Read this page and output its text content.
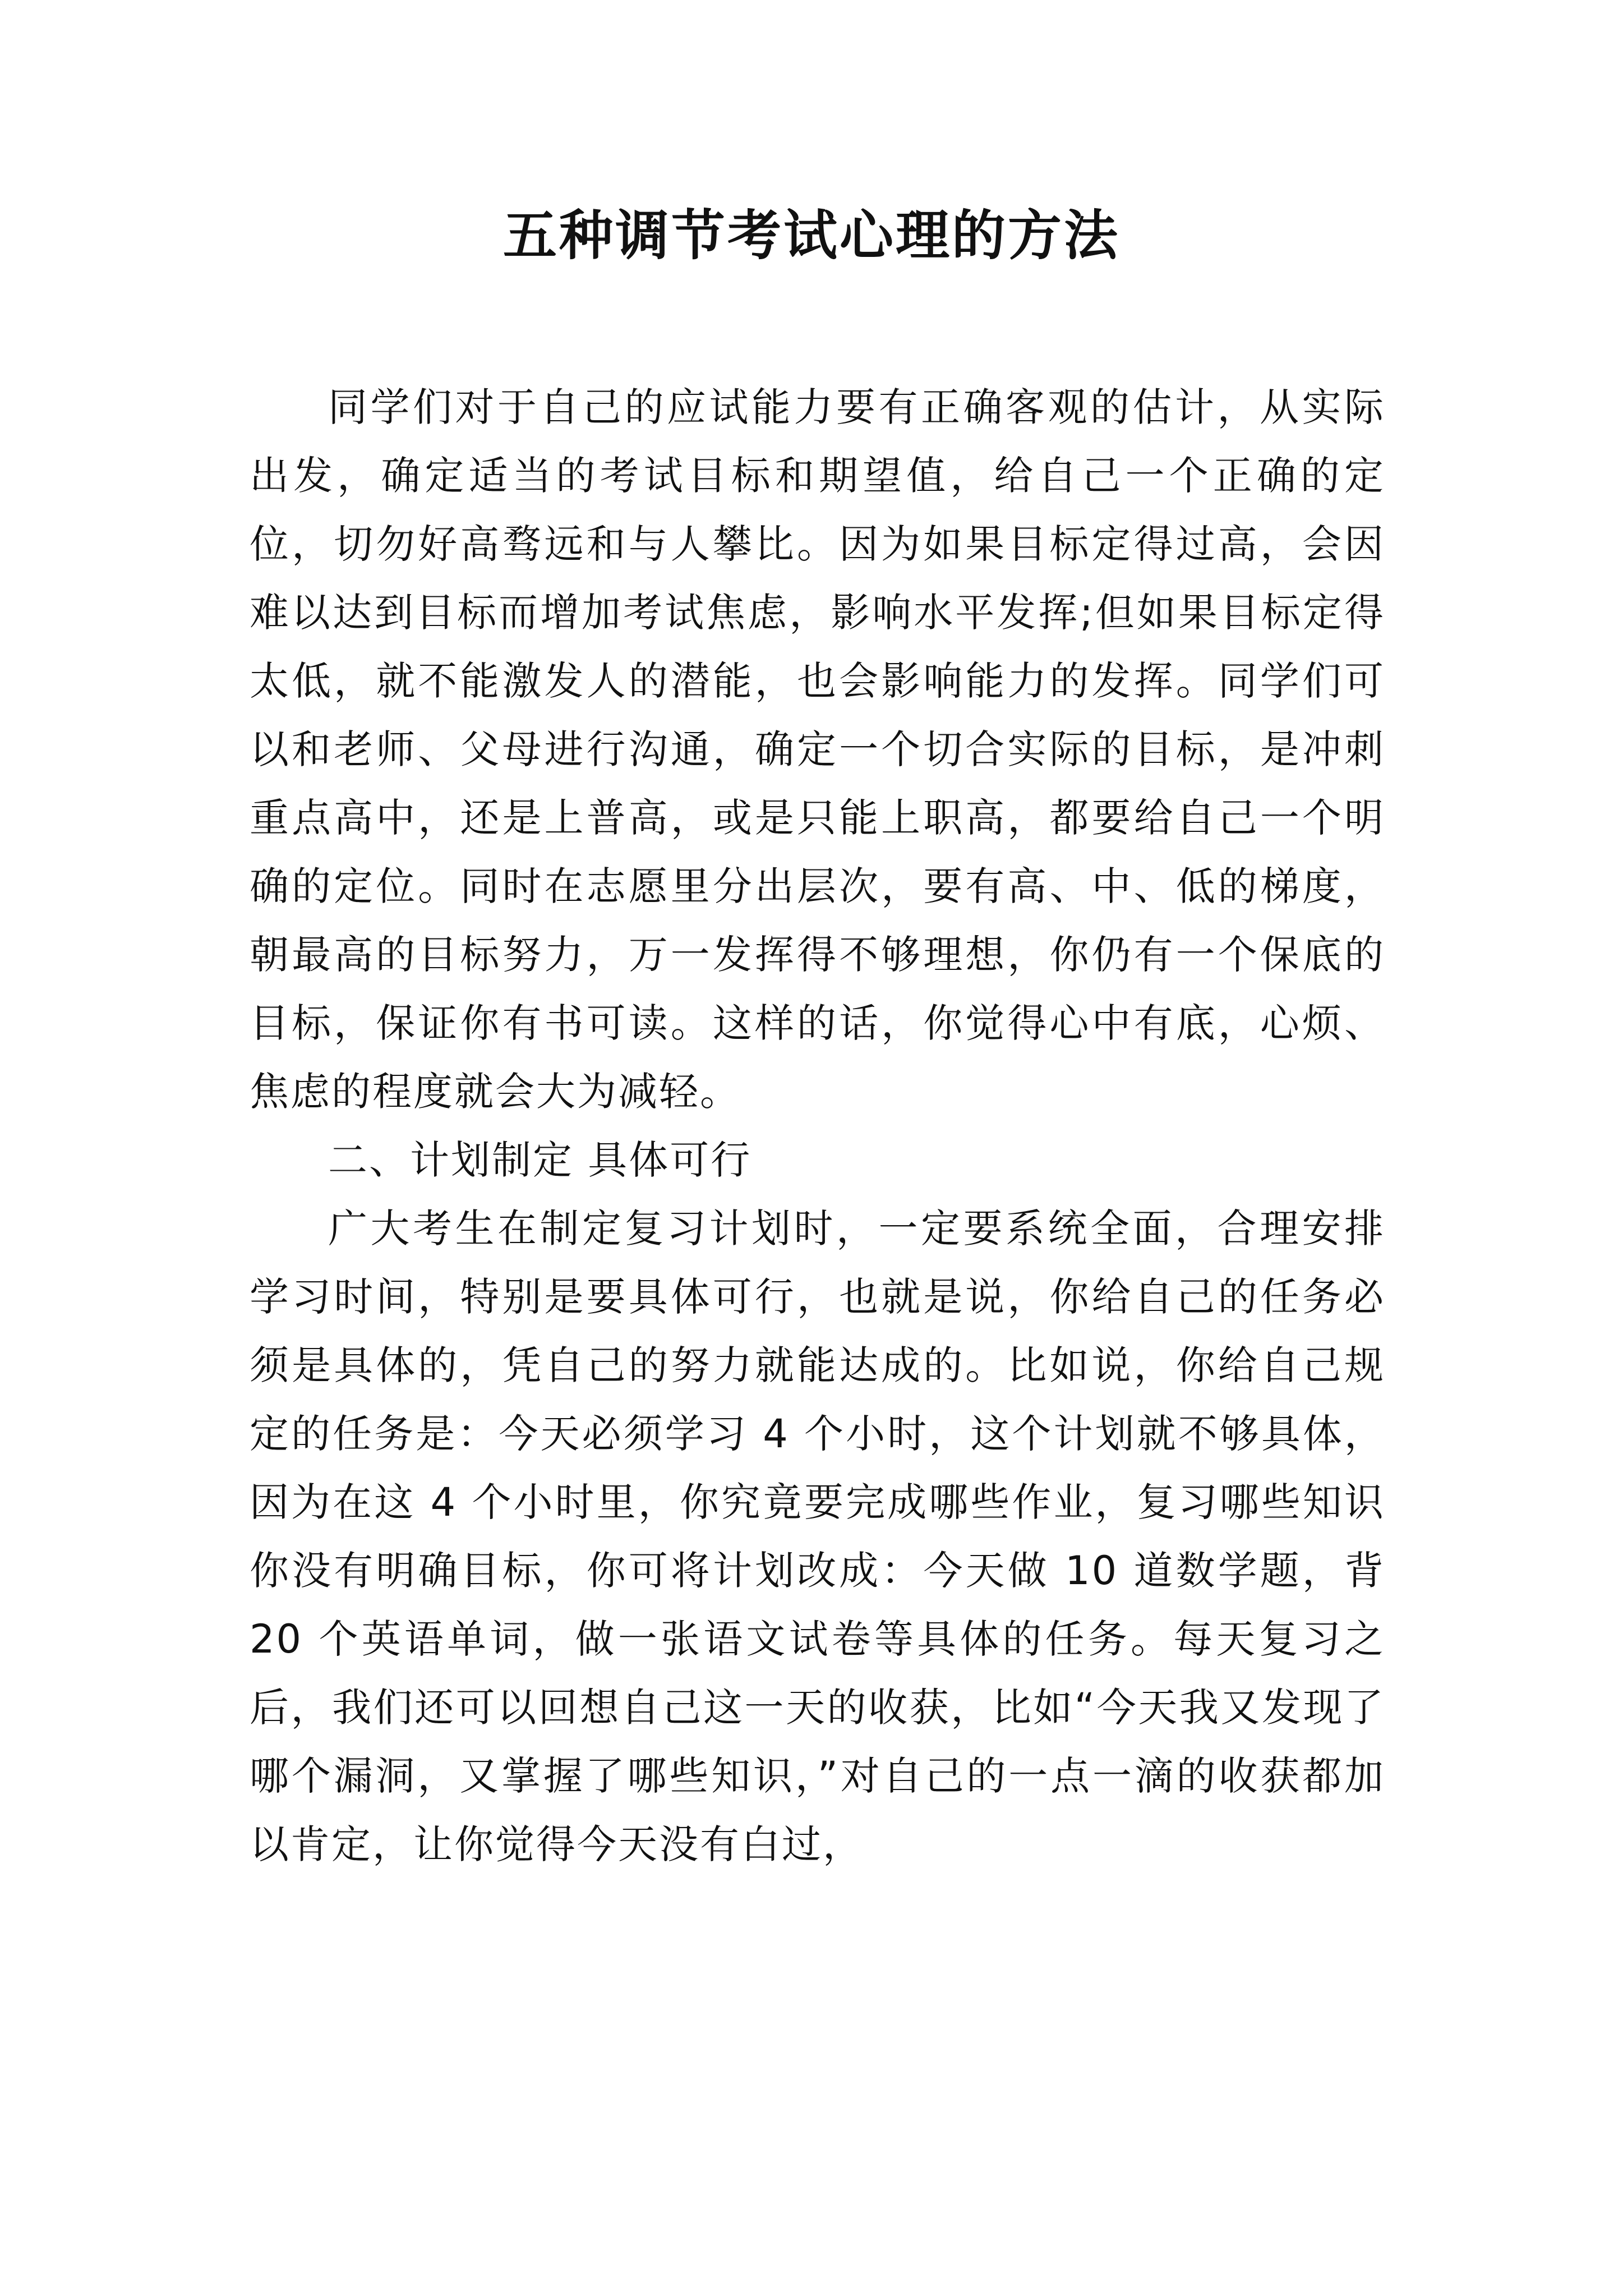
五种调节考试心理的方法

同学们对于自己的应试能力要有正确客观的估计，从实际出发，确定适当的考试目标和期望值，给自己一个正确的定位，切勿好高骛远和与人攀比。因为如果目标定得过高，会因难以达到目标而增加考试焦虑，影响水平发挥;但如果目标定得太低，就不能激发人的潜能，也会影响能力的发挥。同学们可以和老师、父母进行沟通，确定一个切合实际的目标，是冲刺重点高中，还是上普高，或是只能上职高，都要给自己一个明确的定位。同时在志愿里分出层次，要有高、中、低的梯度，朝最高的目标努力，万一发挥得不够理想，你仍有一个保底的目标，保证你有书可读。这样的话，你觉得心中有底，心烦、焦虑的程度就会大为减轻。

二、计划制定 具体可行

广大考生在制定复习计划时，一定要系统全面，合理安排学习时间，特别是要具体可行，也就是说，你给自己的任务必须是具体的，凭自己的努力就能达成的。比如说，你给自己规定的任务是：今天必须学习 4 个小时，这个计划就不够具体，因为在这 4 个小时里，你究竟要完成哪些作业，复习哪些知识你没有明确目标，你可将计划改成：今天做 10 道数学题，背 20 个英语单词，做一张语文试卷等具体的任务。每天复习之后，我们还可以回想自己这一天的收获，比如“今天我又发现了哪个漏洞，又掌握了哪些知识，”对自己的一点一滴的收获都加以肯定，让你觉得今天没有白过，
